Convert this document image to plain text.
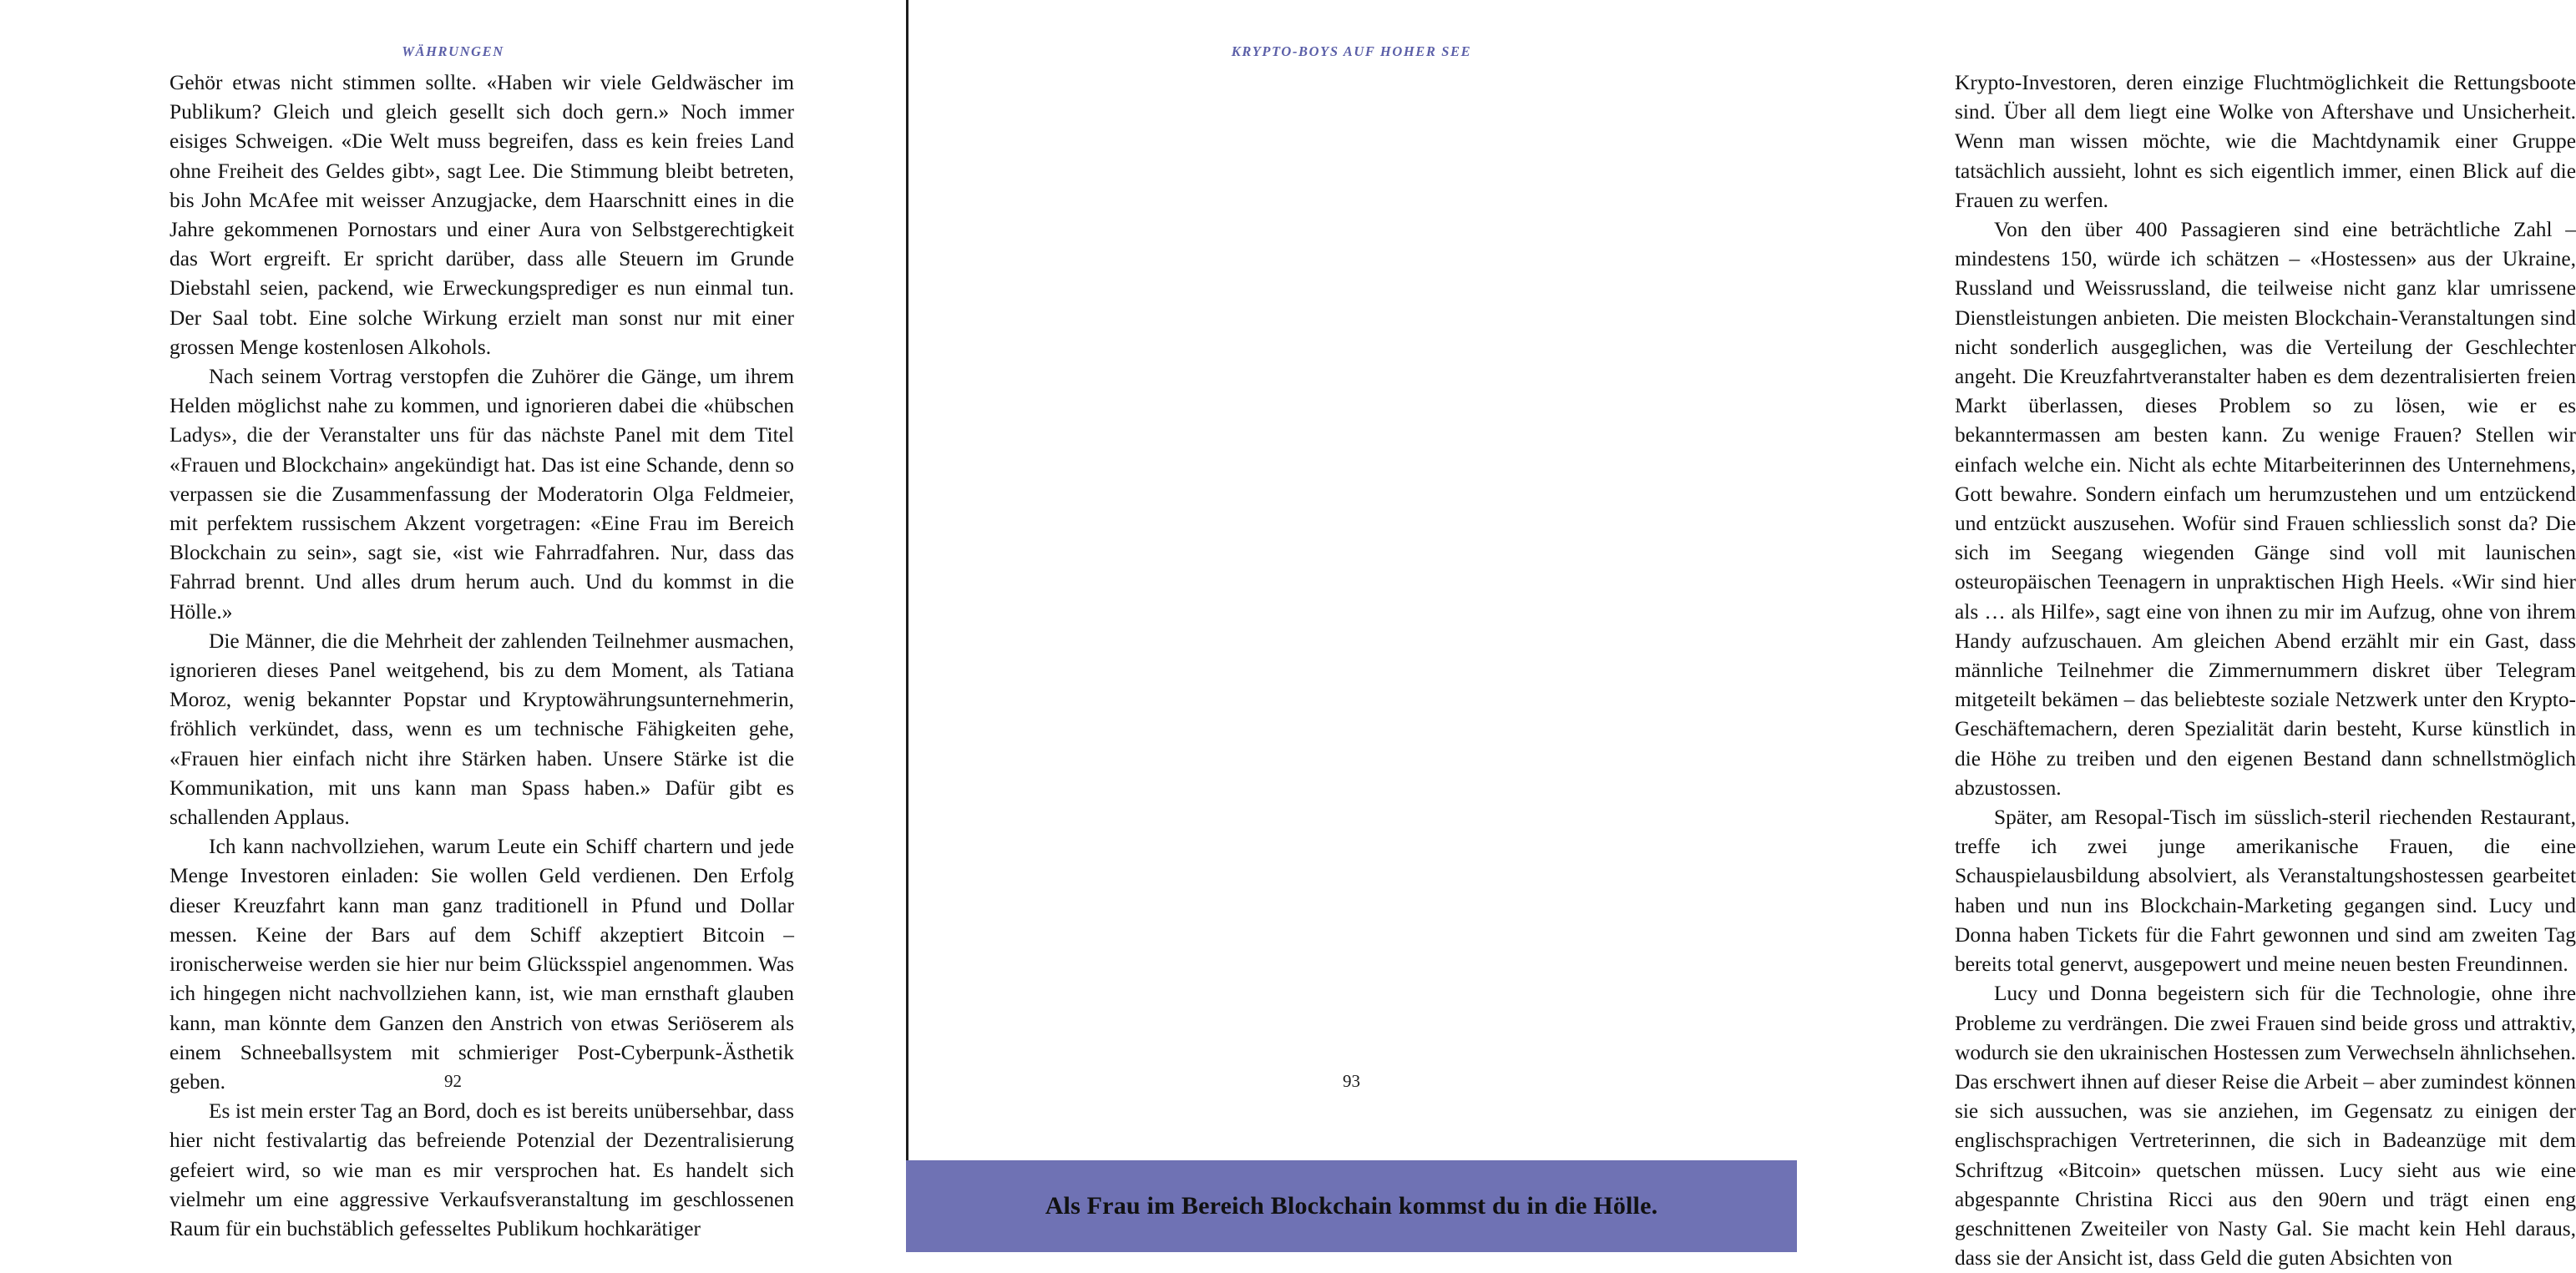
WÄHRUNGEN

Gehör etwas nicht stimmen sollte. «Haben wir viele Geldwäscher im Publikum? Gleich und gleich gesellt sich doch gern.» Noch immer eisiges Schweigen. «Die Welt muss begreifen, dass es kein freies Land ohne Freiheit des Geldes gibt», sagt Lee. Die Stimmung bleibt betreten, bis John McAfee mit weisser Anzugjacke, dem Haarschnitt eines in die Jahre gekommenen Pornostars und einer Aura von Selbstgerechtigkeit das Wort ergreift. Er spricht darüber, dass alle Steuern im Grunde Diebstahl seien, packend, wie Erweckungsprediger es nun einmal tun. Der Saal tobt. Eine solche Wirkung erzielt man sonst nur mit einer grossen Menge kostenlosen Alkohols.

Nach seinem Vortrag verstopfen die Zuhörer die Gänge, um ihrem Helden möglichst nahe zu kommen, und ignorieren dabei die «hübschen Ladys», die der Veranstalter uns für das nächste Panel mit dem Titel «Frauen und Blockchain» angekündigt hat. Das ist eine Schande, denn so verpassen sie die Zusammenfassung der Moderatorin Olga Feldmeier, mit perfektem russischem Akzent vorgetragen: «Eine Frau im Bereich Blockchain zu sein», sagt sie, «ist wie Fahrradfahren. Nur, dass das Fahrrad brennt. Und alles drum herum auch. Und du kommst in die Hölle.»

Die Männer, die die Mehrheit der zahlenden Teilnehmer ausmachen, ignorieren dieses Panel weitgehend, bis zu dem Moment, als Tatiana Moroz, wenig bekannter Popstar und Kryptowährungsunternehmerin, fröhlich verkündet, dass, wenn es um technische Fähigkeiten gehe, «Frauen hier einfach nicht ihre Stärken haben. Unsere Stärke ist die Kommunikation, mit uns kann man Spass haben.» Dafür gibt es schallenden Applaus.

Ich kann nachvollziehen, warum Leute ein Schiff chartern und jede Menge Investoren einladen: Sie wollen Geld verdienen. Den Erfolg dieser Kreuzfahrt kann man ganz traditionell in Pfund und Dollar messen. Keine der Bars auf dem Schiff akzeptiert Bitcoin – ironischerweise werden sie hier nur beim Glücksspiel angenommen. Was ich hingegen nicht nachvollziehen kann, ist, wie man ernsthaft glauben kann, man könnte dem Ganzen den Anstrich von etwas Seriöserem als einem Schneeballsystem mit schmieriger Post-Cyberpunk-Ästhetik geben.

Es ist mein erster Tag an Bord, doch es ist bereits unübersehbar, dass hier nicht festivalartig das befreiende Potenzial der Dezentralisierung gefeiert wird, so wie man es mir versprochen hat. Es handelt sich vielmehr um eine aggressive Verkaufsveranstaltung im geschlossenen Raum für ein buchstäblich gefesseltes Publikum hochkarätiger

92
KRYPTO-BOYS AUF HOHER SEE

Krypto-Investoren, deren einzige Fluchtmöglichkeit die Rettungsboote sind. Über all dem liegt eine Wolke von Aftershave und Unsicherheit. Wenn man wissen möchte, wie die Machtdynamik einer Gruppe tatsächlich aussieht, lohnt es sich eigentlich immer, einen Blick auf die Frauen zu werfen.

Von den über 400 Passagieren sind eine beträchtliche Zahl – mindestens 150, würde ich schätzen – «Hostessen» aus der Ukraine, Russland und Weissrussland, die teilweise nicht ganz klar umrissene Dienstleistungen anbieten. Die meisten Blockchain-Veranstaltungen sind nicht sonderlich ausgeglichen, was die Verteilung der Geschlechter angeht. Die Kreuzfahrtveranstalter haben es dem dezentralisierten freien Markt überlassen, dieses Problem so zu lösen, wie er es bekanntermassen am besten kann. Zu wenige Frauen? Stellen wir einfach welche ein. Nicht als echte Mitarbeiterinnen des Unternehmens, Gott bewahre. Sondern einfach um herumzustehen und um entzückend und entzückt auszusehen. Wofür sind Frauen schliesslich sonst da? Die sich im Seegang wiegenden Gänge sind voll mit launischen osteuropäischen Teenagern in unpraktischen High Heels. «Wir sind hier als … als Hilfe», sagt eine von ihnen zu mir im Aufzug, ohne von ihrem Handy aufzuschauen. Am gleichen Abend erzählt mir ein Gast, dass männliche Teilnehmer die Zimmernummern diskret über Telegram mitgeteilt bekämen – das beliebteste soziale Netzwerk unter den Krypto-Geschäftemachern, deren Spezialität darin besteht, Kurse künstlich in die Höhe zu treiben und den eigenen Bestand dann schnellstmöglich abzustossen.

Später, am Resopal-Tisch im süsslich-steril riechenden Restaurant, treffe ich zwei junge amerikanische Frauen, die eine Schauspielausbildung absolviert, als Veranstaltungshostessen gearbeitet haben und nun ins Blockchain-Marketing gegangen sind. Lucy und Donna haben Tickets für die Fahrt gewonnen und sind am zweiten Tag bereits total genervt, ausgepowert und meine neuen besten Freundinnen.

Lucy und Donna begeistern sich für die Technologie, ohne ihre Probleme zu verdrängen. Die zwei Frauen sind beide gross und attraktiv, wodurch sie den ukrainischen Hostessen zum Verwechseln ähnlichsehen. Das erschwert ihnen auf dieser Reise die Arbeit – aber zumindest können sie sich aussuchen, was sie anziehen, im Gegensatz zu einigen der englischsprachigen Vertreterinnen, die sich in Badeanzüge mit dem Schriftzug «Bitcoin» quetschen müssen. Lucy sieht aus wie eine abgespannte Christina Ricci aus den 90ern und trägt einen eng geschnittenen Zweiteiler von Nasty Gal. Sie macht kein Hehl daraus, dass sie der Ansicht ist, dass Geld die guten Absichten von

93
Als Frau im Bereich Blockchain kommst du in die Hölle.
